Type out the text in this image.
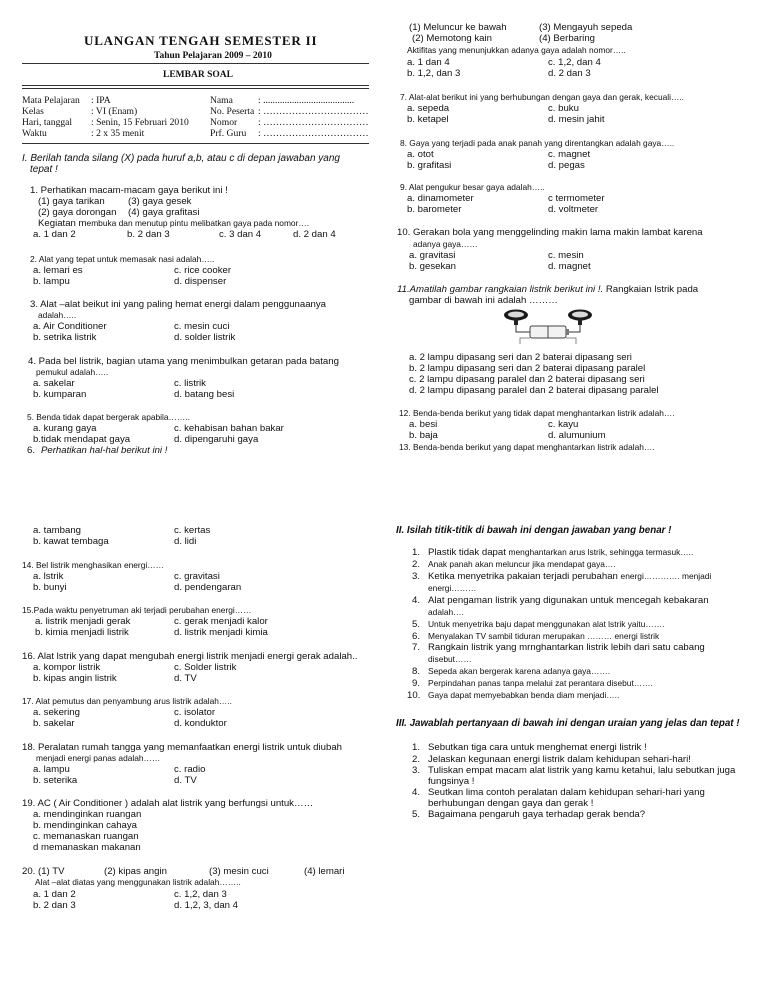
ULANGAN TENGAH SEMESTER II
Tahun Pelajaran 2009 – 2010
LEMBAR SOAL
Mata Pelajaran : IPA
Kelas	: VI (Enam)
Hari, tanggal : Senin, 15 Februari 2010
Waktu	: 2 x 35 menit
Nama	: ......................................
No. Peserta : ……………………………
Nomor : ……………………………
Prf. Guru : ……………………………
I. Berilah tanda silang (X) pada huruf a,b, atau c di depan jawaban yang
tepat !
1. Perhatikan macam-macam gaya berikut ini !
(1) gaya tarikan (3) gaya gesek
(2) gaya dorongan (4) gaya grafitasi
Kegiatan membuka dan menutup pintu melibatkan gaya pada nomor….
a. 1 dan 2	b. 2 dan 3	c. 3 dan 4	d. 2 dan 4
2. Alat yang tepat untuk memasak nasi adalah…..
a. lemari es	c. rice cooker
b. lampu	d. dispenser
3. Alat –alat beikut ini yang paling hemat energi dalam penggunaanya
adalah…..
a. Air Conditioner	c. mesin cuci
b. setrika listrik	d. solder listrik
4. Pada bel listrik, bagian utama yang menimbulkan getaran pada batang
pemukul adalah…..
a. sakelar	c. listrik
b. kumparan	d. batang besi
5. Benda tidak dapat bergerak apabila……..
a. kurang gaya	c. kehabisan bahan bakar
b.tidak mendapat gaya	d. dipengaruhi gaya
6. Perhatikan hal-hal berikut ini !
a. tambang	c. kertas
b. kawat tembaga	d. lidi
14. Bel listrik menghasikan energi……
a. lstrik	c. gravitasi
b. bunyi	d. pendengaran
15.Pada waktu penyetruman aki terjadi perubahan energi……
a. listrik menjadi gerak	c. gerak menjadi kalor
b. kimia menjadi listrik	d. listrik menjadi kimia
16. Alat lstrik yang dapat mengubah energi listrik menjadi energi gerak adalah..
a. kompor listrik	c. Solder listrik
b. kipas angin listrik	d. TV
17. Alat pemutus dan penyambung arus listrik adalah…..
a. sekering	c. isolator
b. sakelar	d. konduktor
18. Peralatan rumah tangga yang memanfaatkan energi listrik untuk diubah
menjadi energi panas adalah……
a. lampu	c. radio
b. seterika	d. TV
19. AC ( Air Conditioner ) adalah alat listrik yang berfungsi untuk……
a. mendinginkan ruangan
b. mendinginkan cahaya
c. memanaskan ruangan
d memanaskan makanan
20. (1) TV	(2) kipas angin	(3) mesin cuci	(4) lemari
Alat –alat diatas yang menggunakan listrik adalah……..
a. 1 dan 2	c. 1,2, dan 3
b. 2 dan 3	d. 1,2, 3, dan 4
(1) Meluncur ke bawah	(3) Mengayuh sepeda
(2) Memotong kain	(4) Berbaring
Aktifitas yang menunjukkan adanya gaya adalah nomor…..
a. 1 dan 4	c. 1,2, dan 4
b. 1,2, dan 3	d. 2 dan 3
7. Alat-alat berikut ini yang berhubungan dengan gaya dan gerak, kecuali…..
a. sepeda	c. buku
b. ketapel	d. mesin jahit
8. Gaya yang terjadi pada anak panah yang direntangkan adalah gaya…..
a. otot	c. magnet
b. grafitasi	d. pegas
9. Alat pengukur besar gaya adalah…..
a. dinamometer	c termometer
b. barometer	d. voltmeter
10. Gerakan bola yang menggelinding makin lama makin lambat karena
adanya gaya……
a. gravitasi	c. mesin
b. gesekan	d. magnet
11.Amatilah gambar rangkaian listrik berikut ini !. Rangkaian lstrik pada
gambar di bawah ini adalah ………
a. 2 lampu dipasang seri dan 2 baterai dipasang seri
b. 2 lampu dipasang seri dan 2 baterai dipasang paralel
c. 2 lampu dipasang paralel dan 2 baterai dipasang seri
d. 2 lampu dipasang paralel dan 2 baterai dipasang paralel
12. Benda-benda berikut yang tidak dapat menghantarkan listrik adalah….
a. besi	c. kayu
b. baja	d. alumunium
13. Benda-benda berikut yang dapat menghantarkan listrik adalah….
II. Isilah titik-titik di bawah ini dengan jawaban yang benar !
1. Plastik tidak dapat menghantarkan arus lstrik, sehingga termasuk…..
2. Anak panah akan meluncur jika mendapat gaya….
3. Ketika menyetrika pakaian terjadi perubahan energi…………. menjadi
energi………
4. Alat pengaman listrik yang digunakan untuk mencegah kebakaran
adalah….
5. Untuk menyetrika baju dapat menggunakan alat lstrik yaitu…….
6. Menyalakan TV sambil tiduran merupakan ……… energi listrik
7. Rangkain listrik yang mrnghantarkan listrik lebih dari satu cabang
disebut……
8. Sepeda akan bergerak karena adanya gaya…….
9. Perpindahan panas tanpa melalui zat perantara disebut…….
10. Gaya dapat memyebabkan benda diam menjadi…..
III. Jawablah pertanyaan di bawah ini dengan uraian yang jelas dan tepat !
1. Sebutkan tiga cara untuk menghemat energi listrik !
2. Jelaskan kegunaan energi listrik dalam kehidupan sehari-hari!
3. Tuliskan empat macam alat listrik yang kamu ketahui, lalu sebutkan juga
fungsinya !
4. Seutkan lima contoh peralatan dalam kehidupan sehari-hari yang
berhubungan dengan gaya dan gerak !
5. Bagaimana pengaruh gaya terhadap gerak benda?
